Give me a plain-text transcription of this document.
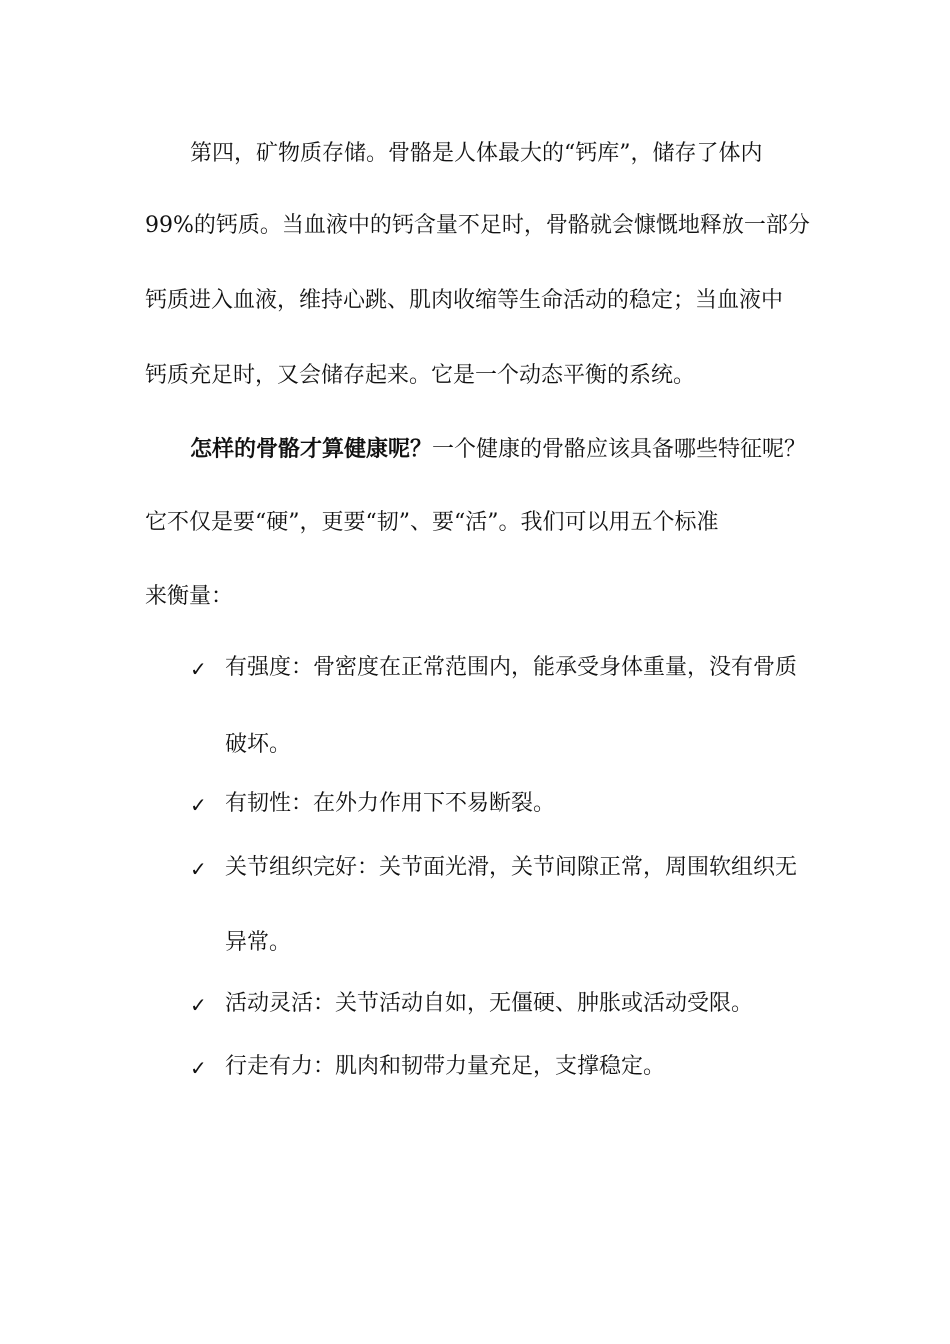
第四，矿物质存储。骨骼是人体最大的“钙库”，储存了体内
99%的钙质。当血液中的钙含量不足时，骨骼就会慷慨地释放一部分
钙质进入血液，维持心跳、肌肉收缩等生命活动的稳定；当血液中
钙质充足时，又会储存起来。它是一个动态平衡的系统。
怎样的骨骼才算健康呢？一个健康的骨骼应该具备哪些特征呢？
它不仅是要“硬”，更要“韧”、要“活”。我们可以用五个标准
来衡量：
✓ 有强度：骨密度在正常范围内，能承受身体重量，没有骨质
破坏。
✓ 有韧性：在外力作用下不易断裂。
✓ 关节组织完好：关节面光滑，关节间隙正常，周围软组织无
异常。
✓ 活动灵活：关节活动自如，无僵硬、肿胀或活动受限。
✓ 行走有力：肌肉和韧带力量充足，支撑稳定。
